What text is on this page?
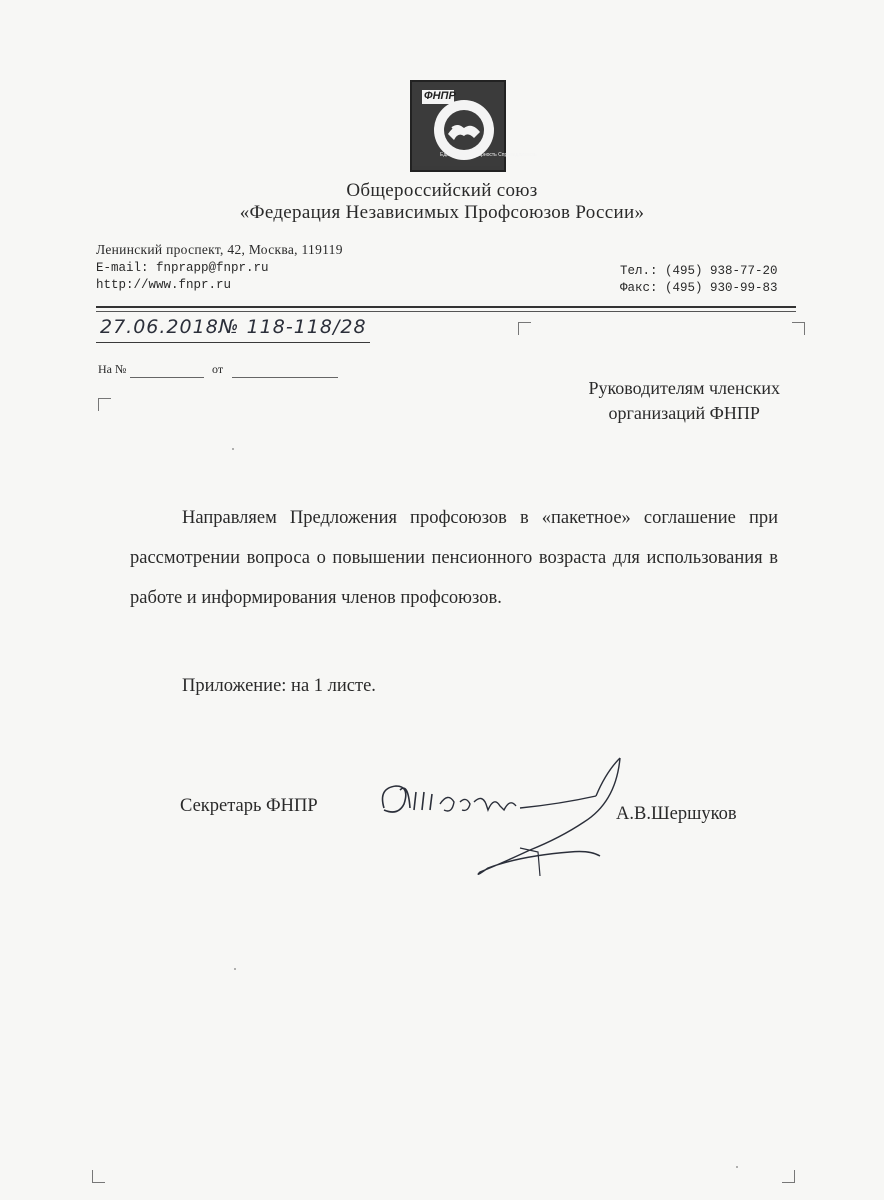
ФНПР
Единство Солидарность Справедливость
Общероссийский союз
«Федерация Независимых Профсоюзов России»
Ленинский проспект, 42, Москва, 119119
E-mail: fnprapp@fnpr.ru
http://www.fnpr.ru
Тел.: (495) 938-77-20
Факс: (495) 930-99-83
27.06.2018№ 118-118/28
На №	от
Руководителям членских
организаций ФНПР

Направляем Предложения профсоюзов в «пакетное» соглашение при рассмотрении вопроса о повышении пенсионного возраста для использования в работе и информирования членов профсоюзов.

Приложение: на 1 листе.
Секретарь ФНПР	А.В.Шершуков
